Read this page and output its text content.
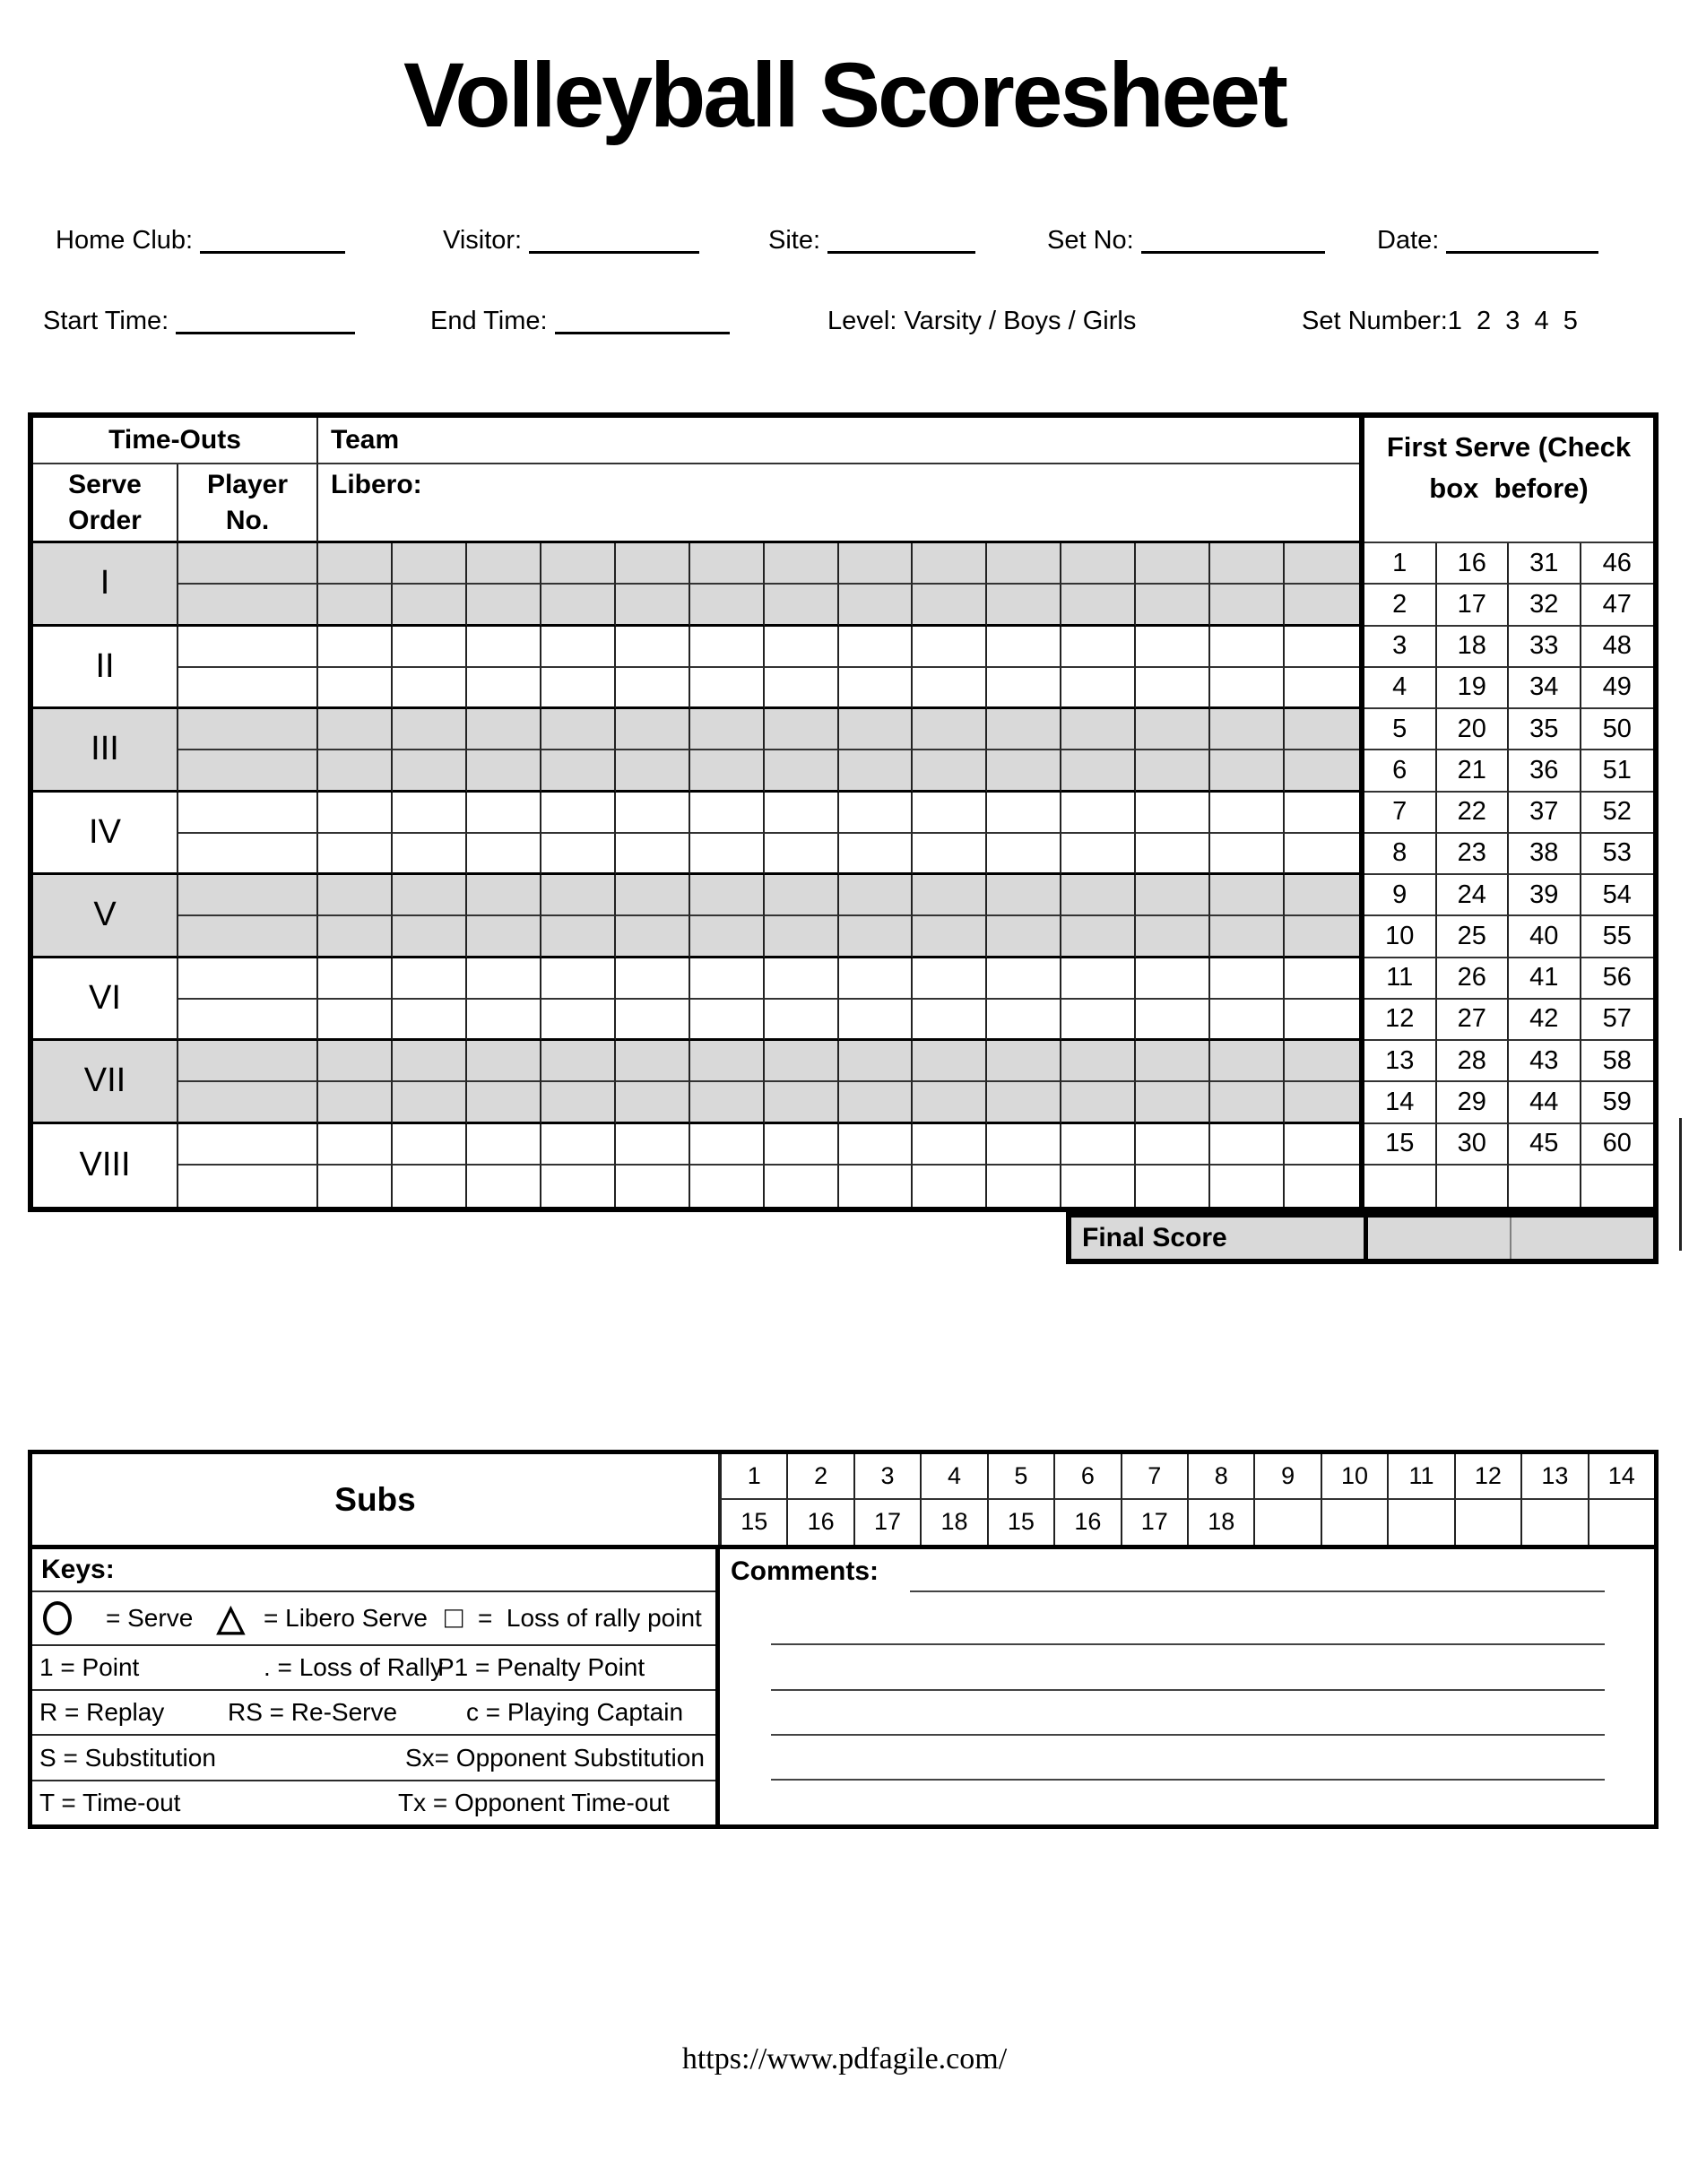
Volleyball Scoresheet
Home Club:	Visitor:	Site:	Set No:	Date:
Start Time:	End Time:	Level: Varsity / Boys / Girls	Set Number:1  2  3  4  5
Time-Outs	Team
Serve
Order
Player
No.
Libero:
First Serve (Check box  before)
1	16	31	46
2	17	32	47
3	18	33	48
4	19	34	49
5	20	35	50
6	21	36	51
7	22	37	52
8	23	38	53
9	24	39	54
10	25	40	55
11	26	41	56
12	27	42	57
13	28	43	58
14	29	44	59
15	30	45	60
I
II
III
IV
V
VI
VII
VIII
Final Score
Subs
1	2	3	4	5	6	7	8	9	10	11	12	13	14
15	16	17	18	15	16	17	18
Keys:
= Serve △	= Libero Serve □ =  Loss of rally point
1 = Point	. = Loss of Rally
P1 = Penalty Point
R = Replay	RS = Re-Serve	c = Playing Captain
S = Substitution	Sx= Opponent Substitution
T = Time-out	Tx = Opponent Time-out
Comments:
https://www.pdfagile.com/
